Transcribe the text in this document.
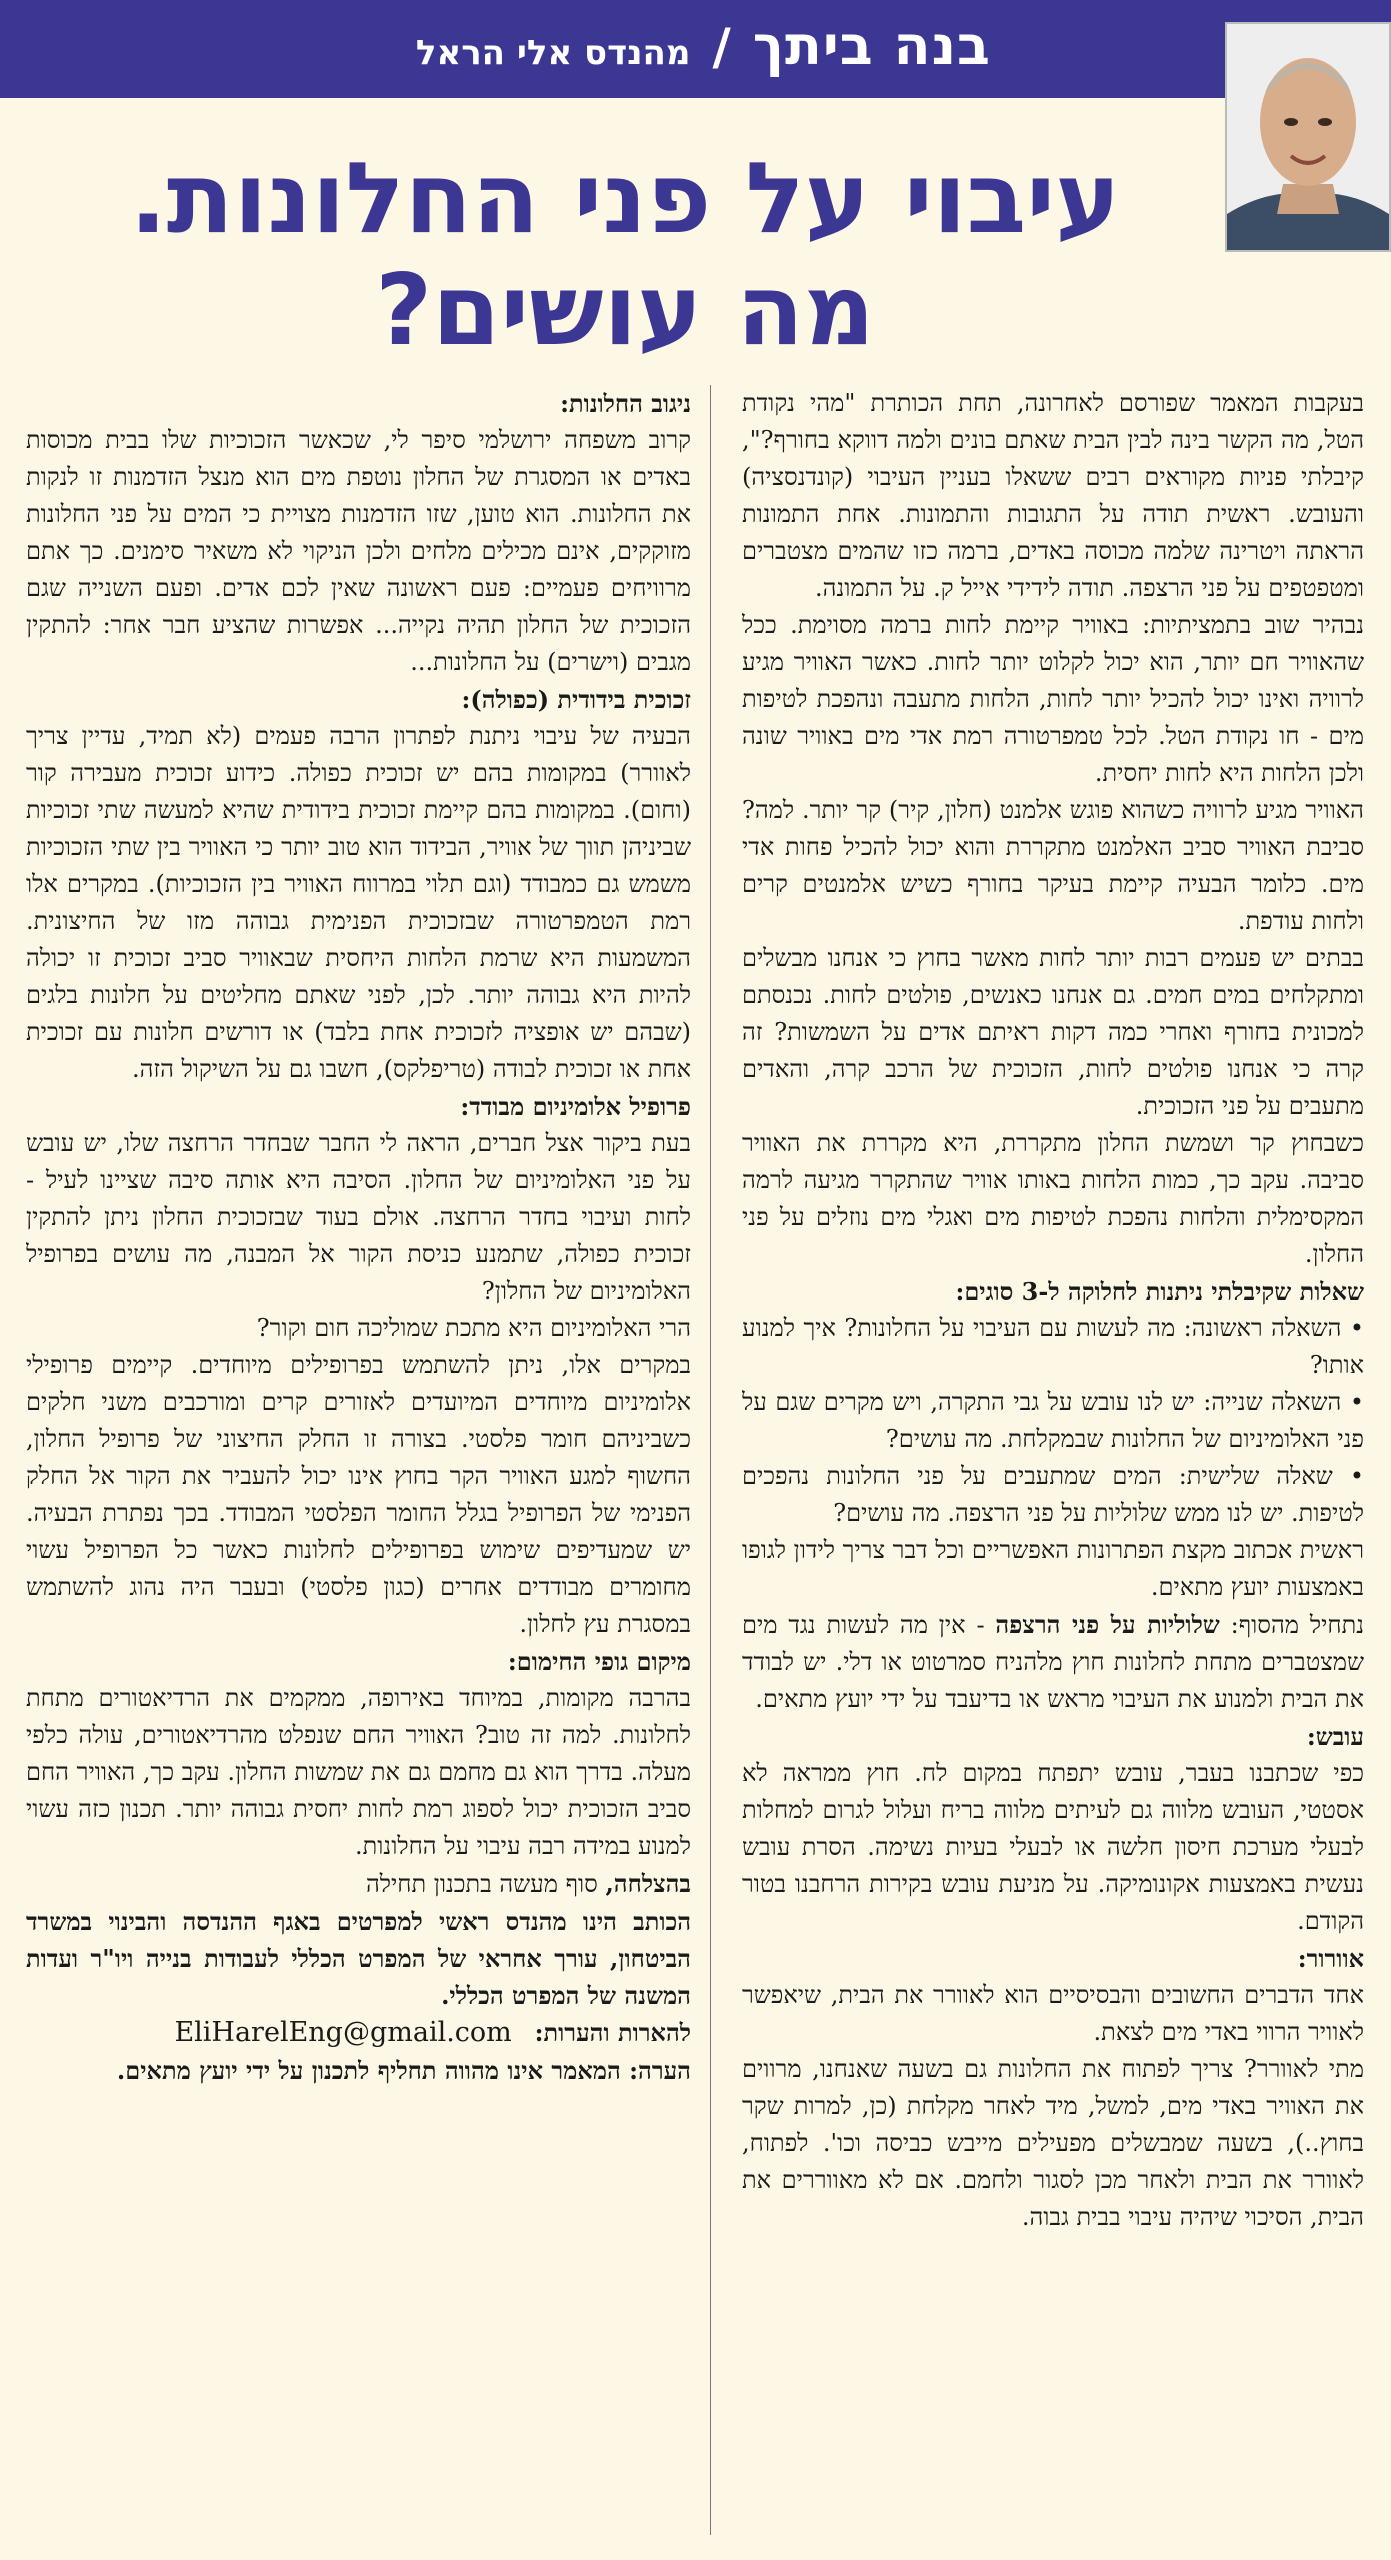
בנה ביתך
/
מהנדס אלי הראל
עיבוי על פני החלונות.
מה עושים?

בעקבות המאמר שפורסם לאחרונה, תחת הכותרת "מהי נקודת הטל, מה הקשר בינה לבין הבית שאתם בונים ולמה דווקא בחורף?", קיבלתי פניות מקוראים רבים ששאלו בעניין העיבוי (קונדנסציה) והעובש. ראשית תודה על התגובות והתמונות. אחת התמונות הראתה ויטרינה שלמה מכוסה באדים, ברמה כזו שהמים מצטברים ומטפטפים על פני הרצפה. תודה לידידי אייל ק. על התמונה.

נבהיר שוב בתמציתיות: באוויר קיימת לחות ברמה מסוימת. ככל שהאוויר חם יותר, הוא יכול לקלוט יותר לחות. כאשר האוויר מגיע לרוויה ואינו יכול להכיל יותר לחות, הלחות מתעבה ונהפכת לטיפות מים - חו נקודת הטל. לכל טמפרטורה רמת אדי מים באוויר שונה ולכן הלחות היא לחות יחסית.

האוויר מגיע לרוויה כשהוא פוגש אלמנט (חלון, קיר) קר יותר. למה? סביבת האוויר סביב האלמנט מתקררת והוא יכול להכיל פחות אדי מים. כלומר הבעיה קיימת בעיקר בחורף כשיש אלמנטים קרים ולחות עודפת.

בבתים יש פעמים רבות יותר לחות מאשר בחוץ כי אנחנו מבשלים ומתקלחים במים חמים. גם אנחנו כאנשים, פולטים לחות. נכנסתם למכונית בחורף ואחרי כמה דקות ראיתם אדים על השמשות? זה קרה כי אנחנו פולטים לחות, הזכוכית של הרכב קרה, והאדים מתעבים על פני הזכוכית.

כשבחוץ קר ושמשת החלון מתקררת, היא מקררת את האוויר סביבה. עקב כך, כמות הלחות באותו אוויר שהתקרר מגיעה לרמה המקסימלית והלחות נהפכת לטיפות מים ואגלי מים נוזלים על פני החלון.

שאלות שקיבלתי ניתנות לחלוקה ל-3 סוגים:

• השאלה ראשונה: מה לעשות עם העיבוי על החלונות? איך למנוע אותו?

• השאלה שנייה: יש לנו עובש על גבי התקרה, ויש מקרים שגם על פני האלומיניום של החלונות שבמקלחת. מה עושים?

• שאלה שלישית: המים שמתעבים על פני החלונות נהפכים לטיפות. יש לנו ממש שלוליות על פני הרצפה. מה עושים?

ראשית אכתוב מקצת הפתרונות האפשריים וכל דבר צריך לידון לגופו באמצעות יועץ מתאים.

נתחיל מהסוף: שלוליות על פני הרצפה - אין מה לעשות נגד מים שמצטברים מתחת לחלונות חוץ מלהניח סמרטוט או דלי. יש לבודד את הבית ולמנוע את העיבוי מראש או בדיעבד על ידי יועץ מתאים.

עובש:

כפי שכתבנו בעבר, עובש יתפתח במקום לח. חוץ ממראה לא אסטטי, העובש מלווה גם לעיתים מלווה בריח ועלול לגרום למחלות לבעלי מערכת חיסון חלשה או לבעלי בעיות נשימה. הסרת עובש נעשית באמצעות אקונומיקה. על מניעת עובש בקירות הרחבנו בטור הקודם.

אוורור:

אחד הדברים החשובים והבסיסיים הוא לאוורר את הבית, שיאפשר לאוויר הרווי באדי מים לצאת.

מתי לאוורר? צריך לפתוח את החלונות גם בשעה שאנחנו, מרווים את האוויר באדי מים, למשל, מיד לאחר מקלחת (כן, למרות שקר בחוץ..), בשעה שמבשלים מפעילים מייבש כביסה וכו'. לפתוח, לאוורר את הבית ולאחר מכן לסגור ולחמם. אם לא מאווררים את הבית, הסיכוי שיהיה עיבוי בבית גבוה.

ניגוב החלונות:

קרוב משפחה ירושלמי סיפר לי, שכאשר הזכוכיות שלו בבית מכוסות באדים או המסגרת של החלון נוטפת מים הוא מנצל הזדמנות זו לנקות את החלונות. הוא טוען, שזו הזדמנות מצויית כי המים על פני החלונות מזוקקים, אינם מכילים מלחים ולכן הניקוי לא משאיר סימנים. כך אתם מרוויחים פעמיים: פעם ראשונה שאין לכם אדים. ופעם השנייה שגם הזכוכית של החלון תהיה נקייה... אפשרות שהציע חבר אחר: להתקין מגבים (וישרים) על החלונות...

זכוכית בידודית (כפולה):

הבעיה של עיבוי ניתנת לפתרון הרבה פעמים (לא תמיד, עדיין צריך לאוורר) במקומות בהם יש זכוכית כפולה. כידוע זכוכית מעבירה קור (וחום). במקומות בהם קיימת זכוכית בידודית שהיא למעשה שתי זכוכיות שביניהן תווך של אוויר, הבידוד הוא טוב יותר כי האוויר בין שתי הזכוכיות משמש גם כמבודד (וגם תלוי במרווח האוויר בין הזכוכיות). במקרים אלו רמת הטמפרטורה שבזכוכית הפנימית גבוהה מזו של החיצונית. המשמעות היא שרמת הלחות היחסית שבאוויר סביב זכוכית זו יכולה להיות היא גבוהה יותר. לכן, לפני שאתם מחליטים על חלונות בלגים (שבהם יש אופציה לזכוכית אחת בלבד) או דורשים חלונות עם זכוכית אחת או זכוכית לבודה (טריפלקס), חשבו גם על השיקול הזה.

פרופיל אלומיניום מבודד:

בעת ביקור אצל חברים, הראה לי החבר שבחדר הרחצה שלו, יש עובש על פני האלומיניום של החלון. הסיבה היא אותה סיבה שציינו לעיל - לחות ועיבוי בחדר הרחצה. אולם בעוד שבזכוכית החלון ניתן להתקין זכוכית כפולה, שתמנע כניסת הקור אל המבנה, מה עושים בפרופיל האלומיניום של החלון?

הרי האלומיניום היא מתכת שמוליכה חום וקור?

במקרים אלו, ניתן להשתמש בפרופילים מיוחדים. קיימים פרופילי אלומיניום מיוחדים המיועדים לאזורים קרים ומורכבים משני חלקים כשביניהם חומר פלסטי. בצורה זו החלק החיצוני של פרופיל החלון, החשוף למגע האוויר הקר בחוץ אינו יכול להעביר את הקור אל החלק הפנימי של הפרופיל בגלל החומר הפלסטי המבודד. בכך נפתרת הבעיה. יש שמעדיפים שימוש בפרופילים לחלונות כאשר כל הפרופיל עשוי מחומרים מבודדים אחרים (כגון פלסטי) ובעבר היה נהוג להשתמש במסגרת עץ לחלון.

מיקום גופי החימום:

בהרבה מקומות, במיוחד באירופה, ממקמים את הרדיאטורים מתחת לחלונות. למה זה טוב? האוויר החם שנפלט מהרדיאטורים, עולה כלפי מעלה. בדרך הוא גם מחמם גם את שמשות החלון. עקב כך, האוויר החם סביב הזכוכית יכול לספוג רמת לחות יחסית גבוהה יותר. תכנון כזה עשוי למנוע במידה רבה עיבוי על החלונות.

בהצלחה, סוף מעשה בתכנון תחילה

הכותב הינו מהנדס ראשי למפרטים באגף ההנדסה והבינוי במשרד הביטחון, עורך אחראי של המפרט הכללי לעבודות בנייה ויו"ר ועדות המשנה של המפרט הכללי.

להארות והערות:   EliHarelEng@gmail.com

הערה: המאמר אינו מהווה תחליף לתכנון על ידי יועץ מתאים.
